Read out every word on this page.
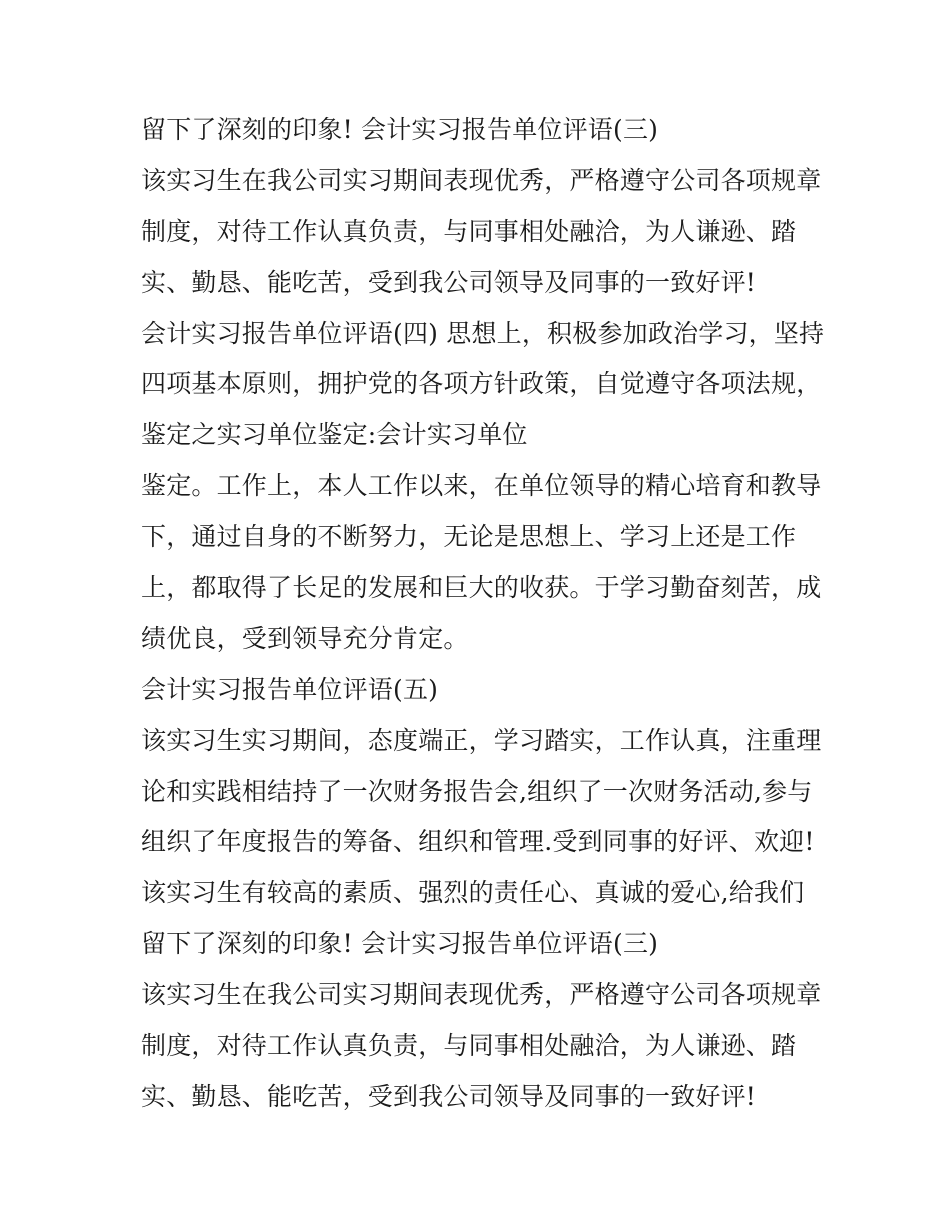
留下了深刻的印象! 会计实习报告单位评语(三)
该实习生在我公司实习期间表现优秀，严格遵守公司各项规章
制度，对待工作认真负责，与同事相处融洽，为人谦逊、踏
实、勤恳、能吃苦，受到我公司领导及同事的一致好评!
会计实习报告单位评语(四) 思想上，积极参加政治学习，坚持
四项基本原则，拥护党的各项方针政策，自觉遵守各项法规，
鉴定之实习单位鉴定:会计实习单位
鉴定。工作上，本人工作以来，在单位领导的精心培育和教导
下，通过自身的不断努力，无论是思想上、学习上还是工作
上，都取得了长足的发展和巨大的收获。于学习勤奋刻苦，成
绩优良，受到领导充分肯定。
会计实习报告单位评语(五)
该实习生实习期间，态度端正，学习踏实，工作认真，注重理
论和实践相结持了一次财务报告会,组织了一次财务活动,参与
组织了年度报告的筹备、组织和管理.受到同事的好评、欢迎!
该实习生有较高的素质、强烈的责任心、真诚的爱心,给我们
留下了深刻的印象! 会计实习报告单位评语(三)
该实习生在我公司实习期间表现优秀，严格遵守公司各项规章
制度，对待工作认真负责，与同事相处融洽，为人谦逊、踏
实、勤恳、能吃苦，受到我公司领导及同事的一致好评!
